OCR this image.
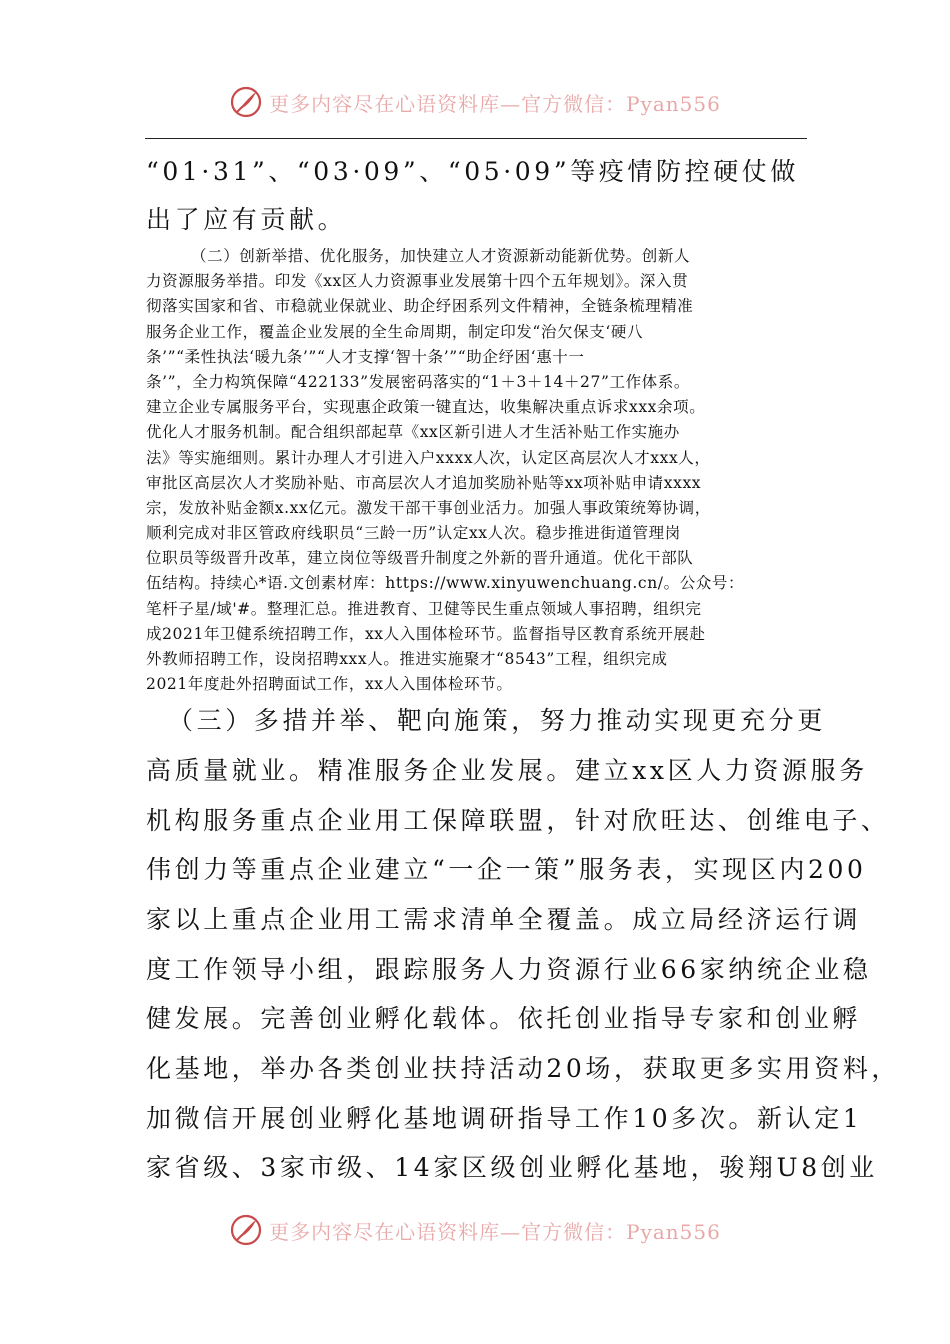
更多内容尽在心语资料库—官方微信：Pyan556
“01·31”、“03·09”、“05·09”等疫情防控硬仗做
出了应有贡献。
（二）创新举措、优化服务，加快建立人才资源新动能新优势。创新人
力资源服务举措。印发《xx区人力资源事业发展第十四个五年规划》。深入贯
彻落实国家和省、市稳就业保就业、助企纾困系列文件精神，全链条梳理精准
服务企业工作，覆盖企业发展的全生命周期，制定印发“治欠保支‘硬八
条’”“柔性执法‘暖九条’”“人才支撑‘智十条’”“助企纾困‘惠十一
条’”，全力构筑保障“422133”发展密码落实的“1＋3＋14＋27”工作体系。
建立企业专属服务平台，实现惠企政策一键直达，收集解决重点诉求xxx余项。
优化人才服务机制。配合组织部起草《xx区新引进人才生活补贴工作实施办
法》等实施细则。累计办理人才引进入户xxxx人次，认定区高层次人才xxx人，
审批区高层次人才奖励补贴、市高层次人才追加奖励补贴等xx项补贴申请xxxx
宗，发放补贴金额x.xx亿元。激发干部干事创业活力。加强人事政策统筹协调，
顺利完成对非区管政府线职员“三龄一历”认定xx人次。稳步推进街道管理岗
位职员等级晋升改革，建立岗位等级晋升制度之外新的晋升通道。优化干部队
伍结构。持续心*语.文创素材库：https://www.xinyuwenchuang.cn/。公众号：
笔杆子星/域'#。整理汇总。推进教育、卫健等民生重点领域人事招聘，组织完
成2021年卫健系统招聘工作，xx人入围体检环节。监督指导区教育系统开展赴
外教师招聘工作，设岗招聘xxx人。推进实施聚才“8543”工程，组织完成
2021年度赴外招聘面试工作，xx人入围体检环节。
（三）多措并举、靶向施策，努力推动实现更充分更
高质量就业。精准服务企业发展。建立xx区人力资源服务
机构服务重点企业用工保障联盟，针对欣旺达、创维电子、
伟创力等重点企业建立“一企一策”服务表，实现区内200
家以上重点企业用工需求清单全覆盖。成立局经济运行调
度工作领导小组，跟踪服务人力资源行业66家纳统企业稳
健发展。完善创业孵化载体。依托创业指导专家和创业孵
化基地，举办各类创业扶持活动20场，获取更多实用资料，
加微信开展创业孵化基地调研指导工作10多次。新认定1
家省级、3家市级、14家区级创业孵化基地，骏翔U8创业
更多内容尽在心语资料库—官方微信：Pyan556
